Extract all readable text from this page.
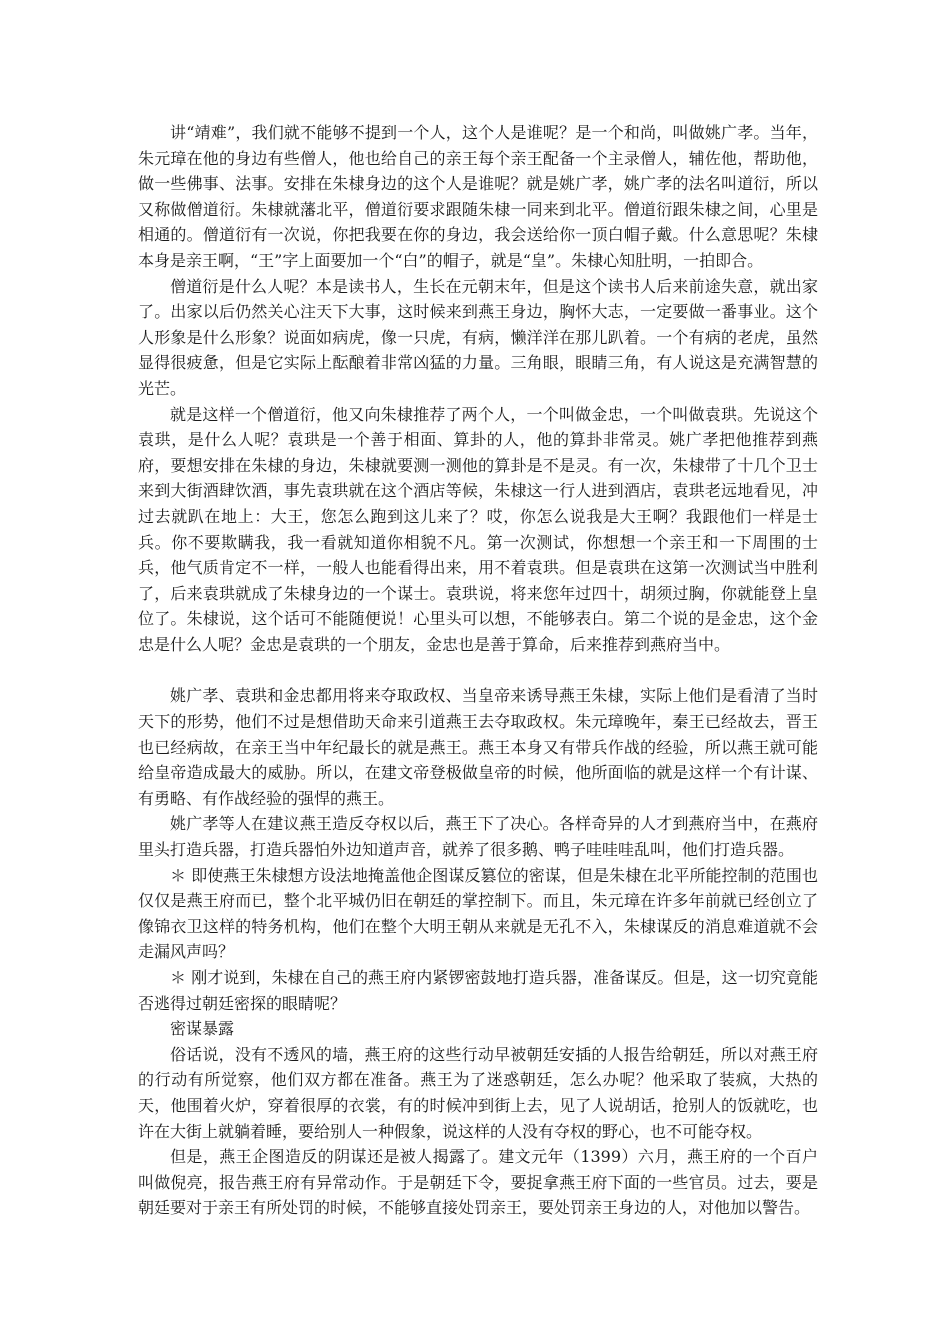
讲“靖难”，我们就不能够不提到一个人，这个人是谁呢？是一个和尚，叫做姚广孝。当年，朱元璋在他的身边有些僧人，他也给自己的亲王每个亲王配备一个主录僧人，辅佐他，帮助他，做一些佛事、法事。安排在朱棣身边的这个人是谁呢？就是姚广孝，姚广孝的法名叫道衍，所以又称做僧道衍。朱棣就藩北平，僧道衍要求跟随朱棣一同来到北平。僧道衍跟朱棣之间，心里是相通的。僧道衍有一次说，你把我要在你的身边，我会送给你一顶白帽子戴。什么意思呢？朱棣本身是亲王啊，“王”字上面要加一个“白”的帽子，就是“皇”。朱棣心知肚明，一拍即合。

僧道衍是什么人呢？本是读书人，生长在元朝末年，但是这个读书人后来前途失意，就出家了。出家以后仍然关心注天下大事，这时候来到燕王身边，胸怀大志，一定要做一番事业。这个人形象是什么形象？说面如病虎，像一只虎，有病，懒洋洋在那儿趴着。一个有病的老虎，虽然显得很疲惫，但是它实际上酝酿着非常凶猛的力量。三角眼，眼睛三角，有人说这是充满智慧的光芒。

就是这样一个僧道衍，他又向朱棣推荐了两个人，一个叫做金忠，一个叫做袁珙。先说这个袁珙，是什么人呢？袁珙是一个善于相面、算卦的人，他的算卦非常灵。姚广孝把他推荐到燕府，要想安排在朱棣的身边，朱棣就要测一测他的算卦是不是灵。有一次，朱棣带了十几个卫士来到大街酒肆饮酒，事先袁珙就在这个酒店等候，朱棣这一行人进到酒店，袁珙老远地看见，冲过去就趴在地上：大王，您怎么跑到这儿来了？哎，你怎么说我是大王啊？我跟他们一样是士兵。你不要欺瞒我，我一看就知道你相貌不凡。第一次测试，你想想一个亲王和一下周围的士兵，他气质肯定不一样，一般人也能看得出来，用不着袁珙。但是袁珙在这第一次测试当中胜利了，后来袁珙就成了朱棣身边的一个谋士。袁珙说，将来您年过四十，胡须过胸，你就能登上皇位了。朱棣说，这个话可不能随便说！心里头可以想，不能够表白。第二个说的是金忠，这个金忠是什么人呢？金忠是袁珙的一个朋友，金忠也是善于算命，后来推荐到燕府当中。

姚广孝、袁珙和金忠都用将来夺取政权、当皇帝来诱导燕王朱棣，实际上他们是看清了当时天下的形势，他们不过是想借助天命来引道燕王去夺取政权。朱元璋晚年，秦王已经故去，晋王也已经病故，在亲王当中年纪最长的就是燕王。燕王本身又有带兵作战的经验，所以燕王就可能给皇帝造成最大的威胁。所以，在建文帝登极做皇帝的时候，他所面临的就是这样一个有计谋、有勇略、有作战经验的强悍的燕王。

姚广孝等人在建议燕王造反夺权以后，燕王下了决心。各样奇异的人才到燕府当中，在燕府里头打造兵器，打造兵器怕外边知道声音，就养了很多鹅、鸭子哇哇哇乱叫，他们打造兵器。

＊ 即使燕王朱棣想方设法地掩盖他企图谋反篡位的密谋，但是朱棣在北平所能控制的范围也仅仅是燕王府而已，整个北平城仍旧在朝廷的掌控制下。而且，朱元璋在许多年前就已经创立了像锦衣卫这样的特务机构，他们在整个大明王朝从来就是无孔不入，朱棣谋反的消息难道就不会走漏风声吗？

＊ 刚才说到，朱棣在自己的燕王府内紧锣密鼓地打造兵器，准备谋反。但是，这一切究竟能否逃得过朝廷密探的眼睛呢？

密谋暴露

俗话说，没有不透风的墙，燕王府的这些行动早被朝廷安插的人报告给朝廷，所以对燕王府的行动有所觉察，他们双方都在准备。燕王为了迷惑朝廷，怎么办呢？他采取了装疯，大热的天，他围着火炉，穿着很厚的衣裳，有的时候冲到街上去，见了人说胡话，抢别人的饭就吃，也许在大街上就躺着睡，要给别人一种假象，说这样的人没有夺权的野心，也不可能夺权。

但是，燕王企图造反的阴谋还是被人揭露了。建文元年（1399）六月，燕王府的一个百户叫做倪亮，报告燕王府有异常动作。于是朝廷下令，要捉拿燕王府下面的一些官员。过去，要是朝廷要对于亲王有所处罚的时候，不能够直接处罚亲王，要处罚亲王身边的人，对他加以警告。
